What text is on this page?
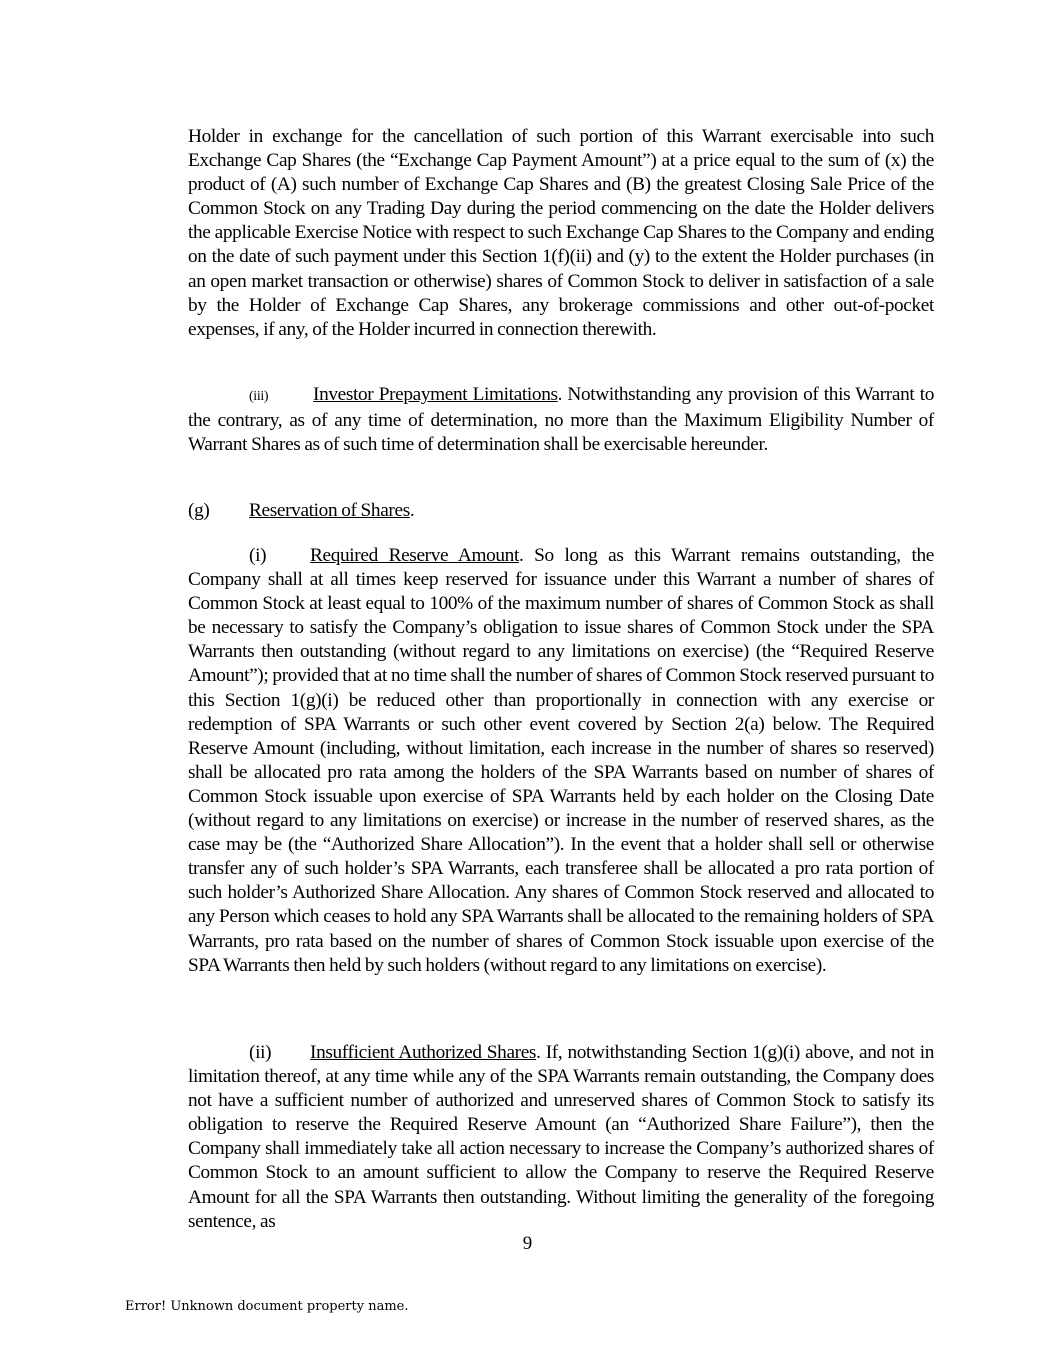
Holder in exchange for the cancellation of such portion of this Warrant exercisable into such Exchange Cap Shares (the “Exchange Cap Payment Amount”) at a price equal to the sum of (x) the product of (A) such number of Exchange Cap Shares and (B) the greatest Closing Sale Price of the Common Stock on any Trading Day during the period commencing on the date the Holder delivers the applicable Exercise Notice with respect to such Exchange Cap Shares to the Company and ending on the date of such payment under this Section 1(f)(ii) and (y) to the extent the Holder purchases (in an open market transaction or otherwise) shares of Common Stock to deliver in satisfaction of a sale by the Holder of Exchange Cap Shares, any brokerage commissions and other out-of-pocket expenses, if any, of the Holder incurred in connection therewith.

(iii) Investor Prepayment Limitations. Notwithstanding any provision of this Warrant to the contrary, as of any time of determination, no more than the Maximum Eligibility Number of Warrant Shares as of such time of determination shall be exercisable hereunder.

(g) Reservation of Shares.

(i) Required Reserve Amount. So long as this Warrant remains outstanding, the Company shall at all times keep reserved for issuance under this Warrant a number of shares of Common Stock at least equal to 100% of the maximum number of shares of Common Stock as shall be necessary to satisfy the Company’s obligation to issue shares of Common Stock under the SPA Warrants then outstanding (without regard to any limitations on exercise) (the “Required Reserve Amount”); provided that at no time shall the number of shares of Common Stock reserved pursuant to this Section 1(g)(i) be reduced other than proportionally in connection with any exercise or redemption of SPA Warrants or such other event covered by Section 2(a) below. The Required Reserve Amount (including, without limitation, each increase in the number of shares so reserved) shall be allocated pro rata among the holders of the SPA Warrants based on number of shares of Common Stock issuable upon exercise of SPA Warrants held by each holder on the Closing Date (without regard to any limitations on exercise) or increase in the number of reserved shares, as the case may be (the “Authorized Share Allocation”). In the event that a holder shall sell or otherwise transfer any of such holder’s SPA Warrants, each transferee shall be allocated a pro rata portion of such holder’s Authorized Share Allocation. Any shares of Common Stock reserved and allocated to any Person which ceases to hold any SPA Warrants shall be allocated to the remaining holders of SPA Warrants, pro rata based on the number of shares of Common Stock issuable upon exercise of the SPA Warrants then held by such holders (without regard to any limitations on exercise).

(ii) Insufficient Authorized Shares. If, notwithstanding Section 1(g)(i) above, and not in limitation thereof, at any time while any of the SPA Warrants remain outstanding, the Company does not have a sufficient number of authorized and unreserved shares of Common Stock to satisfy its obligation to reserve the Required Reserve Amount (an “Authorized Share Failure”), then the Company shall immediately take all action necessary to increase the Company’s authorized shares of Common Stock to an amount sufficient to allow the Company to reserve the Required Reserve Amount for all the SPA Warrants then outstanding. Without limiting the generality of the foregoing sentence, as

9
Error! Unknown document property name.
